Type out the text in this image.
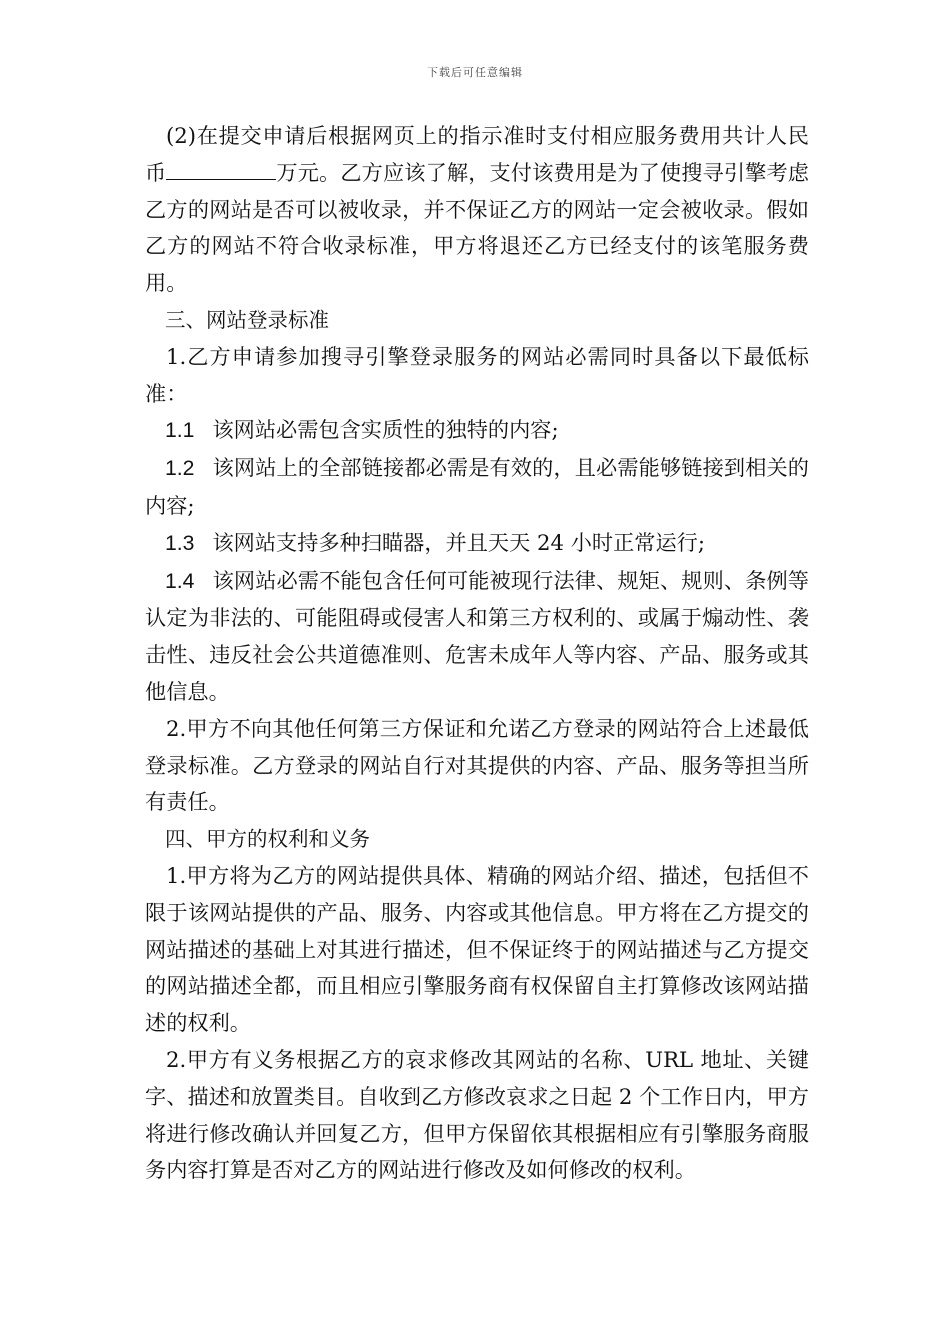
下载后可任意编辑

(2)在提交申请后根据网页上的指示准时支付相应服务费用共计人民币	万元。乙方应该了解，支付该费用是为了使搜寻引擎考虑乙方的网站是否可以被收录，并不保证乙方的网站一定会被收录。假如乙方的网站不符合收录标准，甲方将退还乙方已经支付的该笔服务费用。

三、网站登录标准

1.乙方申请参加搜寻引擎登录服务的网站必需同时具备以下最低标准：

1.1 该网站必需包含实质性的独特的内容;

1.2 该网站上的全部链接都必需是有效的，且必需能够链接到相关的内容;

1.3 该网站支持多种扫瞄器，并且天天 24 小时正常运行;

1.4 该网站必需不能包含任何可能被现行法律、规矩、规则、条例等认定为非法的、可能阻碍或侵害人和第三方权利的、或属于煽动性、袭击性、违反社会公共道德准则、危害未成年人等内容、产品、服务或其他信息。

2.甲方不向其他任何第三方保证和允诺乙方登录的网站符合上述最低登录标准。乙方登录的网站自行对其提供的内容、产品、服务等担当所有责任。

四、甲方的权利和义务

1.甲方将为乙方的网站提供具体、精确的网站介绍、描述，包括但不限于该网站提供的产品、服务、内容或其他信息。甲方将在乙方提交的网站描述的基础上对其进行描述，但不保证终于的网站描述与乙方提交的网站描述全都，而且相应引擎服务商有权保留自主打算修改该网站描述的权利。

2.甲方有义务根据乙方的哀求修改其网站的名称、URL 地址、关键字、描述和放置类目。自收到乙方修改哀求之日起 2 个工作日内，甲方将进行修改确认并回复乙方，但甲方保留依其根据相应有引擎服务商服务内容打算是否对乙方的网站进行修改及如何修改的权利。
